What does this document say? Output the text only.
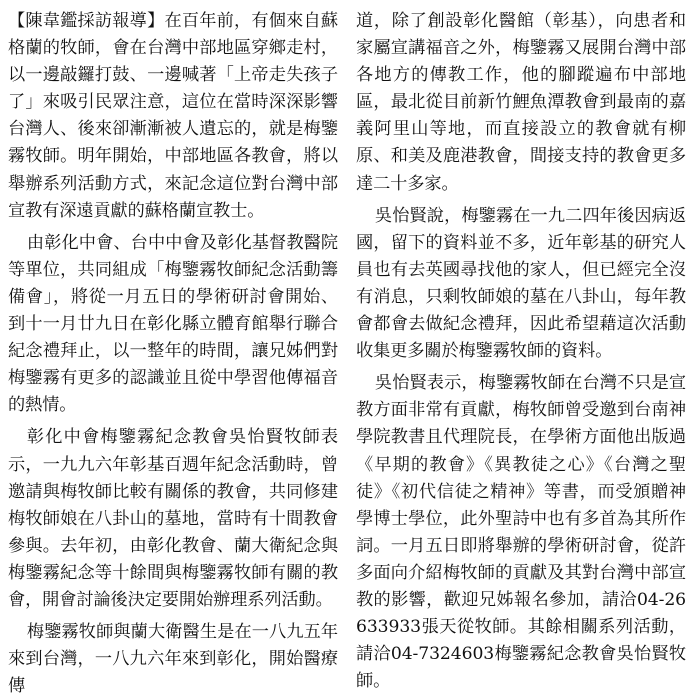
【陳韋鑑採訪報導】在百年前，有個來自蘇格蘭的牧師，會在台灣中部地區穿鄉走村，以一邊敲鑼打鼓、一邊喊著「上帝走失孩子了」來吸引民眾注意，這位在當時深深影響台灣人、後來卻漸漸被人遺忘的，就是梅鑒霧牧師。明年開始，中部地區各教會，將以舉辦系列活動方式，來記念這位對台灣中部宣教有深遠貢獻的蘇格蘭宣教士。

由彰化中會、台中中會及彰化基督教醫院等單位，共同組成「梅鑒霧牧師紀念活動籌備會」，將從一月五日的學術研討會開始、到十一月廿九日在彰化縣立體育館舉行聯合紀念禮拜止，以一整年的時間，讓兄姊們對梅鑒霧有更多的認識並且從中學習他傳福音的熱情。

彰化中會梅鑒霧紀念教會吳怡賢牧師表示，一九九六年彰基百週年紀念活動時，曾邀請與梅牧師比較有關係的教會，共同修建梅牧師娘在八卦山的墓地，當時有十間教會參與。去年初，由彰化教會、蘭大衛紀念與梅鑒霧紀念等十餘間與梅鑒霧牧師有關的教會，開會討論後決定要開始辦理系列活動。

梅鑒霧牧師與蘭大衛醫生是在一八九五年來到台灣，一八九六年來到彰化，開始醫療傳

道，除了創設彰化醫館（彰基），向患者和家屬宣講福音之外，梅鑒霧又展開台灣中部各地方的傳教工作，他的腳蹤遍布中部地區，最北從目前新竹鯉魚潭教會到最南的嘉義阿里山等地，而直接設立的教會就有柳原、和美及鹿港教會，間接支持的教會更多達二十多家。

吳怡賢說，梅鑒霧在一九二四年後因病返國，留下的資料並不多，近年彰基的研究人員也有去英國尋找他的家人，但已經完全沒有消息，只剩牧師娘的墓在八卦山，每年教會都會去做紀念禮拜，因此希望藉這次活動收集更多關於梅鑒霧牧師的資料。

吳怡賢表示，梅鑒霧牧師在台灣不只是宣教方面非常有貢獻，梅牧師曾受邀到台南神學院教書且代理院長，在學術方面他出版過《早期的教會》《異教徒之心》《台灣之聖徒》《初代信徒之精神》等書，而受頒贈神學博士學位，此外聖詩中也有多首為其所作詞。一月五日即將舉辦的學術研討會，從許多面向介紹梅牧師的貢獻及其對台灣中部宣教的影響，歡迎兄姊報名參加，請洽04-26633933張天從牧師。其餘相關系列活動，請洽04-7324603梅鑒霧紀念教會吳怡賢牧師。
